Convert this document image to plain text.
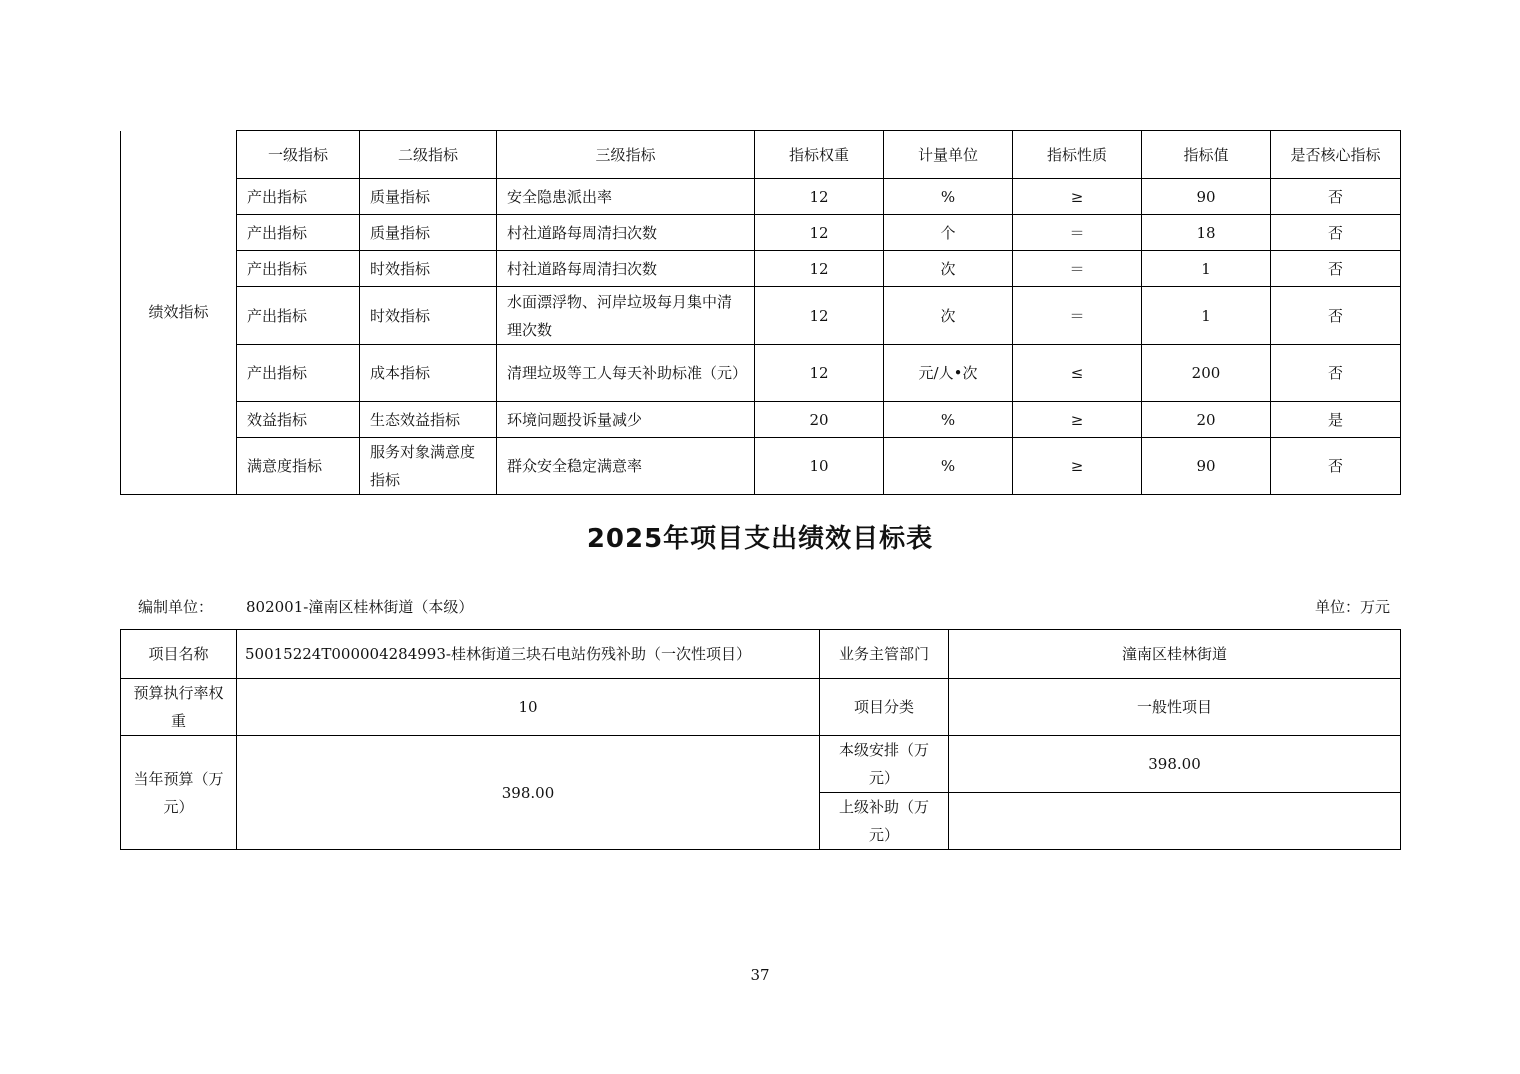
绩效指标	一级指标	二级指标	三级指标	指标权重	计量单位	指标性质	指标值	是否核心指标
	产出指标	质量指标	安全隐患派出率	12	%	≥	90	否
	产出指标	质量指标	村社道路每周清扫次数	12	个	＝	18	否
	产出指标	时效指标	村社道路每周清扫次数	12	次	＝	1	否
	产出指标	时效指标	水面漂浮物、河岸垃圾每月集中清理次数	12	次	＝	1	否
	产出指标	成本指标	清理垃圾等工人每天补助标准（元）	12	元/人•次	≤	200	否
	效益指标	生态效益指标	环境问题投诉量减少	20	%	≥	20	是
	满意度指标	服务对象满意度指标	群众安全稳定满意率	10	%	≥	90	否
2025年项目支出绩效目标表
编制单位： 802001-潼南区桂林街道（本级）	单位：万元
项目名称	50015224T000004284993-桂林街道三块石电站伤残补助（一次性项目）	业务主管部门	潼南区桂林街道
预算执行率权重	10	项目分类	一般性项目
当年预算（万元）	398.00	本级安排（万元）	398.00
		上级补助（万元）	
37
